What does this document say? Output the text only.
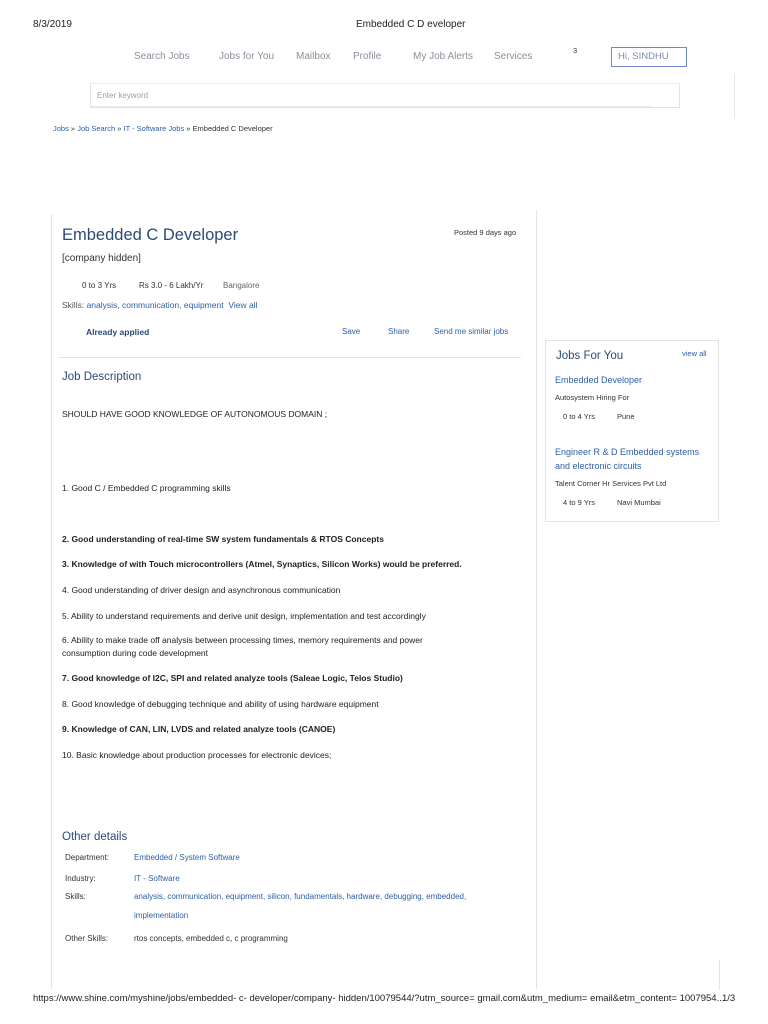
8/3/2019	Embedded C D eveloper
Search Jobs	Jobs for You Mailbox Profile	My Job Alerts Services
3
Hi, SINDHU
Enter keyword
Jobs » Job Search » IT - Software Jobs » Embedded C Developer
Embedded C Developer	Posted 9 days ago
[company hidden]
0 to 3 Yrs	Rs 3.0 - 6 Lakh/Yr Bangalore
Skills: analysis, communication, equipment View all
Already applied	Save	Share	Send me similar jobs
Job Description
SHOULD HAVE GOOD KNOWLEDGE OF AUTONOMOUS DOMAIN ;
1. Good C / Embedded C programming skills
2. Good understanding of real-time SW system fundamentals & RTOS Concepts
3. Knowledge of with Touch microcontrollers (Atmel, Synaptics, Silicon Works) would be preferred.
4. Good understanding of driver design and asynchronous communication
5. Ability to understand requirements and derive unit design, implementation and test accordingly
6. Ability to make trade off analysis between processing times, memory requirements and power
consumption during code development
7. Good knowledge of I2C, SPI and related analyze tools (Saleae Logic, Telos Studio)
8. Good knowledge of debugging technique and ability of using hardware equipment
9. Knowledge of CAN, LIN, LVDS and related analyze tools (CANOE)
10. Basic knowledge about production processes for electronic devices;
Other details
Department:	Embedded / System Software
Industry:	IT - Software
Skills:	analysis, communication, equipment, silicon, fundamentals, hardware, debugging, embedded,
implementation
Other Skills:	rtos concepts, embedded c, c programming
Jobs For You	view all
Embedded Developer
Autosystem Hiring For
0 to 4 Yrs	Pune
Engineer R & D Embedded systems
and electronic circuits
Talent Corner Hr Services Pvt Ltd
4 to 9 Yrs	Navi Mumbai
https://www.shine.com/myshine/jobs/embedded- c- developer/company- hidden/10079544/?utm_source= gmail.com&utm_medium= email&etm_content= 1007954...
1/3
